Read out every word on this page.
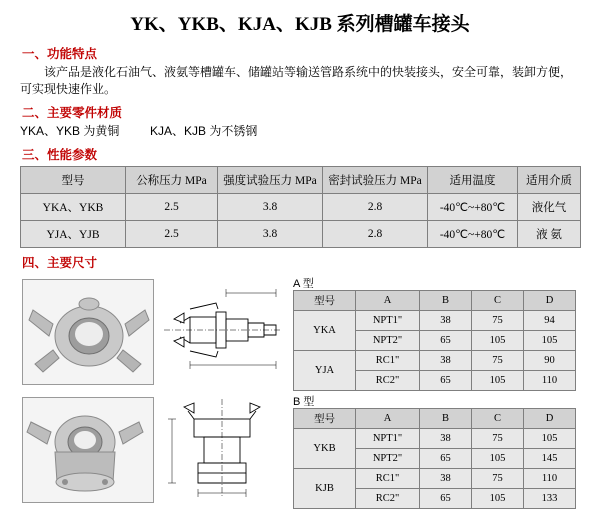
YK、YKB、KJA、KJB 系列槽罐车接头
一、功能特点
该产品是液化石油气、液氨等槽罐车、储罐站等输送管路系统中的快装接头，安全可靠，装卸方便，可实现快速作业。
二、主要零件材质
YKA、YKB 为黄铜	KJA、KJB 为不锈钢
三、性能参数
型号	公称压力 MPa	强度试验压力 MPa	密封试验压力 MPa	适用温度	适用介质
YKA、YKB	2.5	3.8	2.8	-40℃~+80℃	液化气
YJA、YJB	2.5	3.8	2.8	-40℃~+80℃	液 氨
四、主要尺寸
A 型
B 型
型号	A	B	C	D
YKA	NPT1"	38	75	94
	NPT2"	65	105	105
YJA	RC1"	38	75	90
	RC2"	65	105	110
型号	A	B	C	D
YKB	NPT1"	38	75	105
	NPT2"	65	105	145
KJB	RC1"	38	75	110
	RC2"	65	105	133
